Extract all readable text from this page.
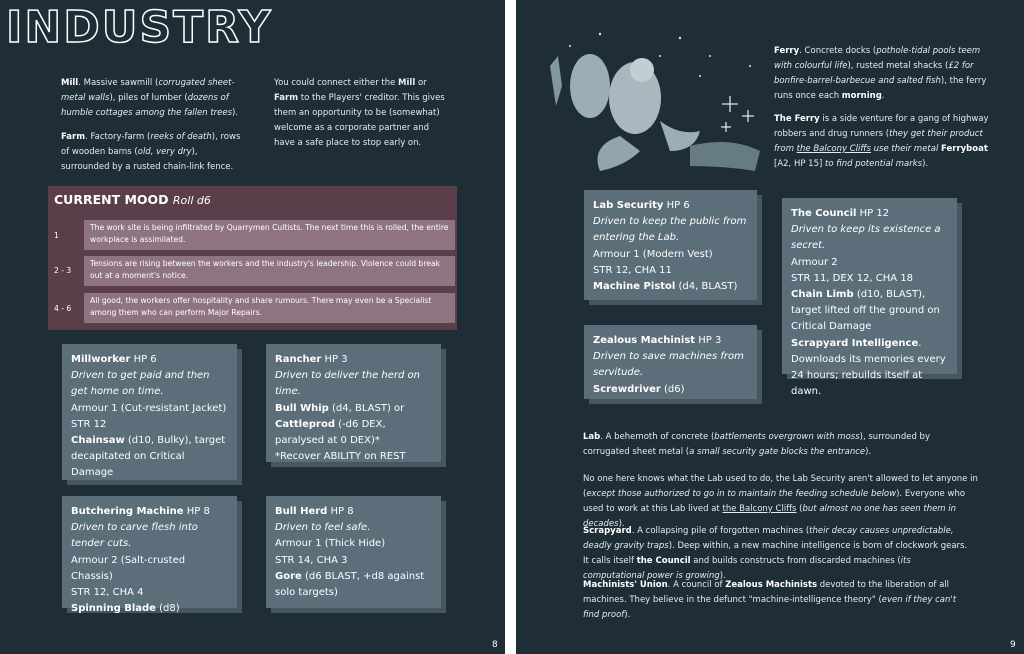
INDUSTRY

Mill. Massive sawmill (corrugated sheet-metal walls), piles of lumber (dozens of humble cottages among the fallen trees).

Farm. Factory-farm (reeks of death), rows of wooden barns (old, very dry), surrounded by a rusted chain-link fence.

You could connect either the Mill or Farm to the Players' creditor. This gives them an opportunity to be (somewhat) welcome as a corporate partner and have a safe place to stop early on.

CURRENT MOOD Roll d6
1
The work site is being infiltrated by Quarrymen Cultists. The next time this is rolled, the entire workplace is assimilated.
2 - 3
Tensions are rising between the workers and the industry's leadership. Violence could break out at a moment's notice.
4 - 6
All good, the workers offer hospitality and share rumours. There may even be a Specialist among them who can perform Major Repairs.
Millworker HP 6
Driven to get paid and then get home on time.
Armour 1 (Cut-resistant Jacket)
STR 12
Chainsaw (d10, Bulky), target decapitated on Critical Damage
Rancher HP 3
Driven to deliver the herd on time.
Bull Whip (d4, BLAST) or
Cattleprod (-d6 DEX, paralysed at 0 DEX)*
*Recover ABILITY on REST
Butchering Machine HP 8
Driven to carve flesh into tender cuts.
Armour 2 (Salt-crusted Chassis)
STR 12, CHA 4
Spinning Blade (d8)
Bull Herd HP 8
Driven to feel safe.
Armour 1 (Thick Hide)
STR 14, CHA 3
Gore (d6 BLAST, +d8 against solo targets)
8

Ferry. Concrete docks (pothole-tidal pools teem with colourful life), rusted metal shacks (£2 for bonfire-barrel-barbecue and salted fish), the ferry runs once each morning.

The Ferry is a side venture for a gang of highway robbers and drug runners (they get their product from the Balcony Cliffs use their metal Ferryboat [A2, HP 15] to find potential marks).

Lab Security HP 6
Driven to keep the public from entering the Lab.
Armour 1 (Modern Vest)
STR 12, CHA 11
Machine Pistol (d4, BLAST)
The Council HP 12
Driven to keep its existence a secret.
Armour 2
STR 11, DEX 12, CHA 18
Chain Limb (d10, BLAST), target lifted off the ground on Critical Damage
Scrapyard Intelligence. Downloads its memories every 24 hours; rebuilds itself at dawn.
Zealous Machinist HP 3
Driven to save machines from servitude.
Screwdriver (d6)

Lab. A behemoth of concrete (battlements overgrown with moss), surrounded by corrugated sheet metal (a small security gate blocks the entrance).

No one here knows what the Lab used to do, the Lab Security aren't allowed to let anyone in (except those authorized to go in to maintain the feeding schedule below). Everyone who used to work at this Lab lived at the Balcony Cliffs (but almost no one has seen them in decades).

Scrapyard. A collapsing pile of forgotten machines (their decay causes unpredictable, deadly gravity traps). Deep within, a new machine intelligence is born of clockwork gears. It calls itself the Council and builds constructs from discarded machines (its computational power is growing).

Machinists' Union. A council of Zealous Machinists devoted to the liberation of all machines. They believe in the defunct "machine-intelligence theory" (even if they can't find proof).

9
